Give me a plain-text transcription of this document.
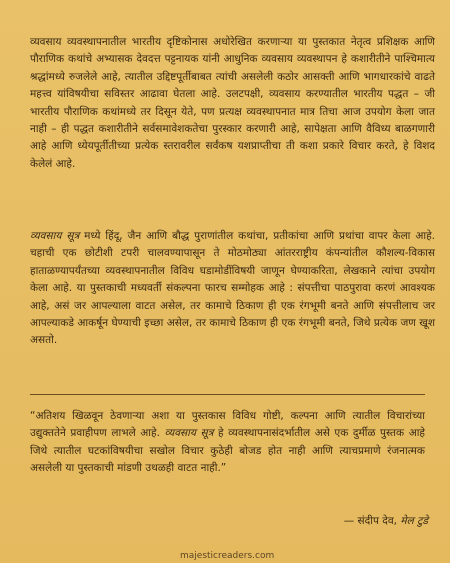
व्यवसाय व्यवस्थापनातील भारतीय दृष्टिकोनास अधोरेखित करणाऱ्या या पुस्तकात नेतृत्व प्रशिक्षक आणि पौराणिक कथांचे अभ्यासक देवदत्त पट्टनायक यांनी आधुनिक व्यवसाय व्यवस्थापन हे कशारीतीने पाश्चिमात्य श्रद्धांमध्ये रुजलेले आहे, त्यातील उद्दिष्टपूर्तीबाबत त्यांची असलेली कठोर आसक्ती आणि भागधारकांचे वाढते महत्त्व यांविषयीचा सविस्तर आढावा घेतला आहे. उलटपक्षी, व्यवसाय करण्यातील भारतीय पद्धत – जी भारतीय पौराणिक कथांमध्ये तर दिसून येते, पण प्रत्यक्ष व्यवस्थापनात मात्र तिचा आज उपयोग केला जात नाही – ही पद्धत कशारीतीने सर्वसमावेशकतेचा पुरस्कार करणारी आहे, सापेक्षता आणि वैविध्य बाळगणारी आहे आणि ध्येयपूर्तीतीच्या प्रत्येक स्तरावरील सर्वंकष यशप्राप्तीचा ती कशा प्रकारे विचार करते, हे विशद केलेलं आहे.

व्यवसाय सूत्र मध्ये हिंदू, जैन आणि बौद्ध पुराणांतील कथांचा, प्रतीकांचा आणि प्रथांचा वापर केला आहे. चहाची एक छोटीशी टपरी चालवण्यापासून ते मोठमोठ्या आंतरराष्ट्रीय कंपन्यांतील कौशल्य-विकास हाताळण्यापर्यंतच्या व्यवस्थापनातील विविध घडामोडींविषयी जाणून घेण्याकरिता, लेखकाने त्यांचा उपयोग केला आहे. या पुस्तकाची मध्यवर्ती संकल्पना फारच सम्मोहक आहे : संपत्तीचा पाठपुरावा करणं आवश्यक आहे, असं जर आपल्याला वाटत असेल, तर कामाचे ठिकाण ही एक रंगभूमी बनते आणि संपत्तीलाच जर आपल्याकडे आकर्षून घेण्याची इच्छा असेल, तर कामाचे ठिकाण ही एक रंगभूमी बनते, जिथे प्रत्येक जण खूश असतो.

“अतिशय खिळवून ठेवणाऱ्या अशा या पुस्तकास विविध गोष्टी, कल्पना आणि त्यातील विचारांच्या उद्युक्ततेने प्रवाहीपण लाभले आहे. व्यवसाय सूत्र हे व्यवस्थापनासंदर्भातील असे एक दुर्मीळ पुस्तक आहे जिथे त्यातील घटकांविषयीचा सखोल विचार कुठेही बोजड होत नाही आणि त्याचप्रमाणे रंजनात्मक असलेली या पुस्तकाची मांडणी उथळही वाटत नाही.”

— संदीप देव, मेल टुडे

majesticreaders.com
